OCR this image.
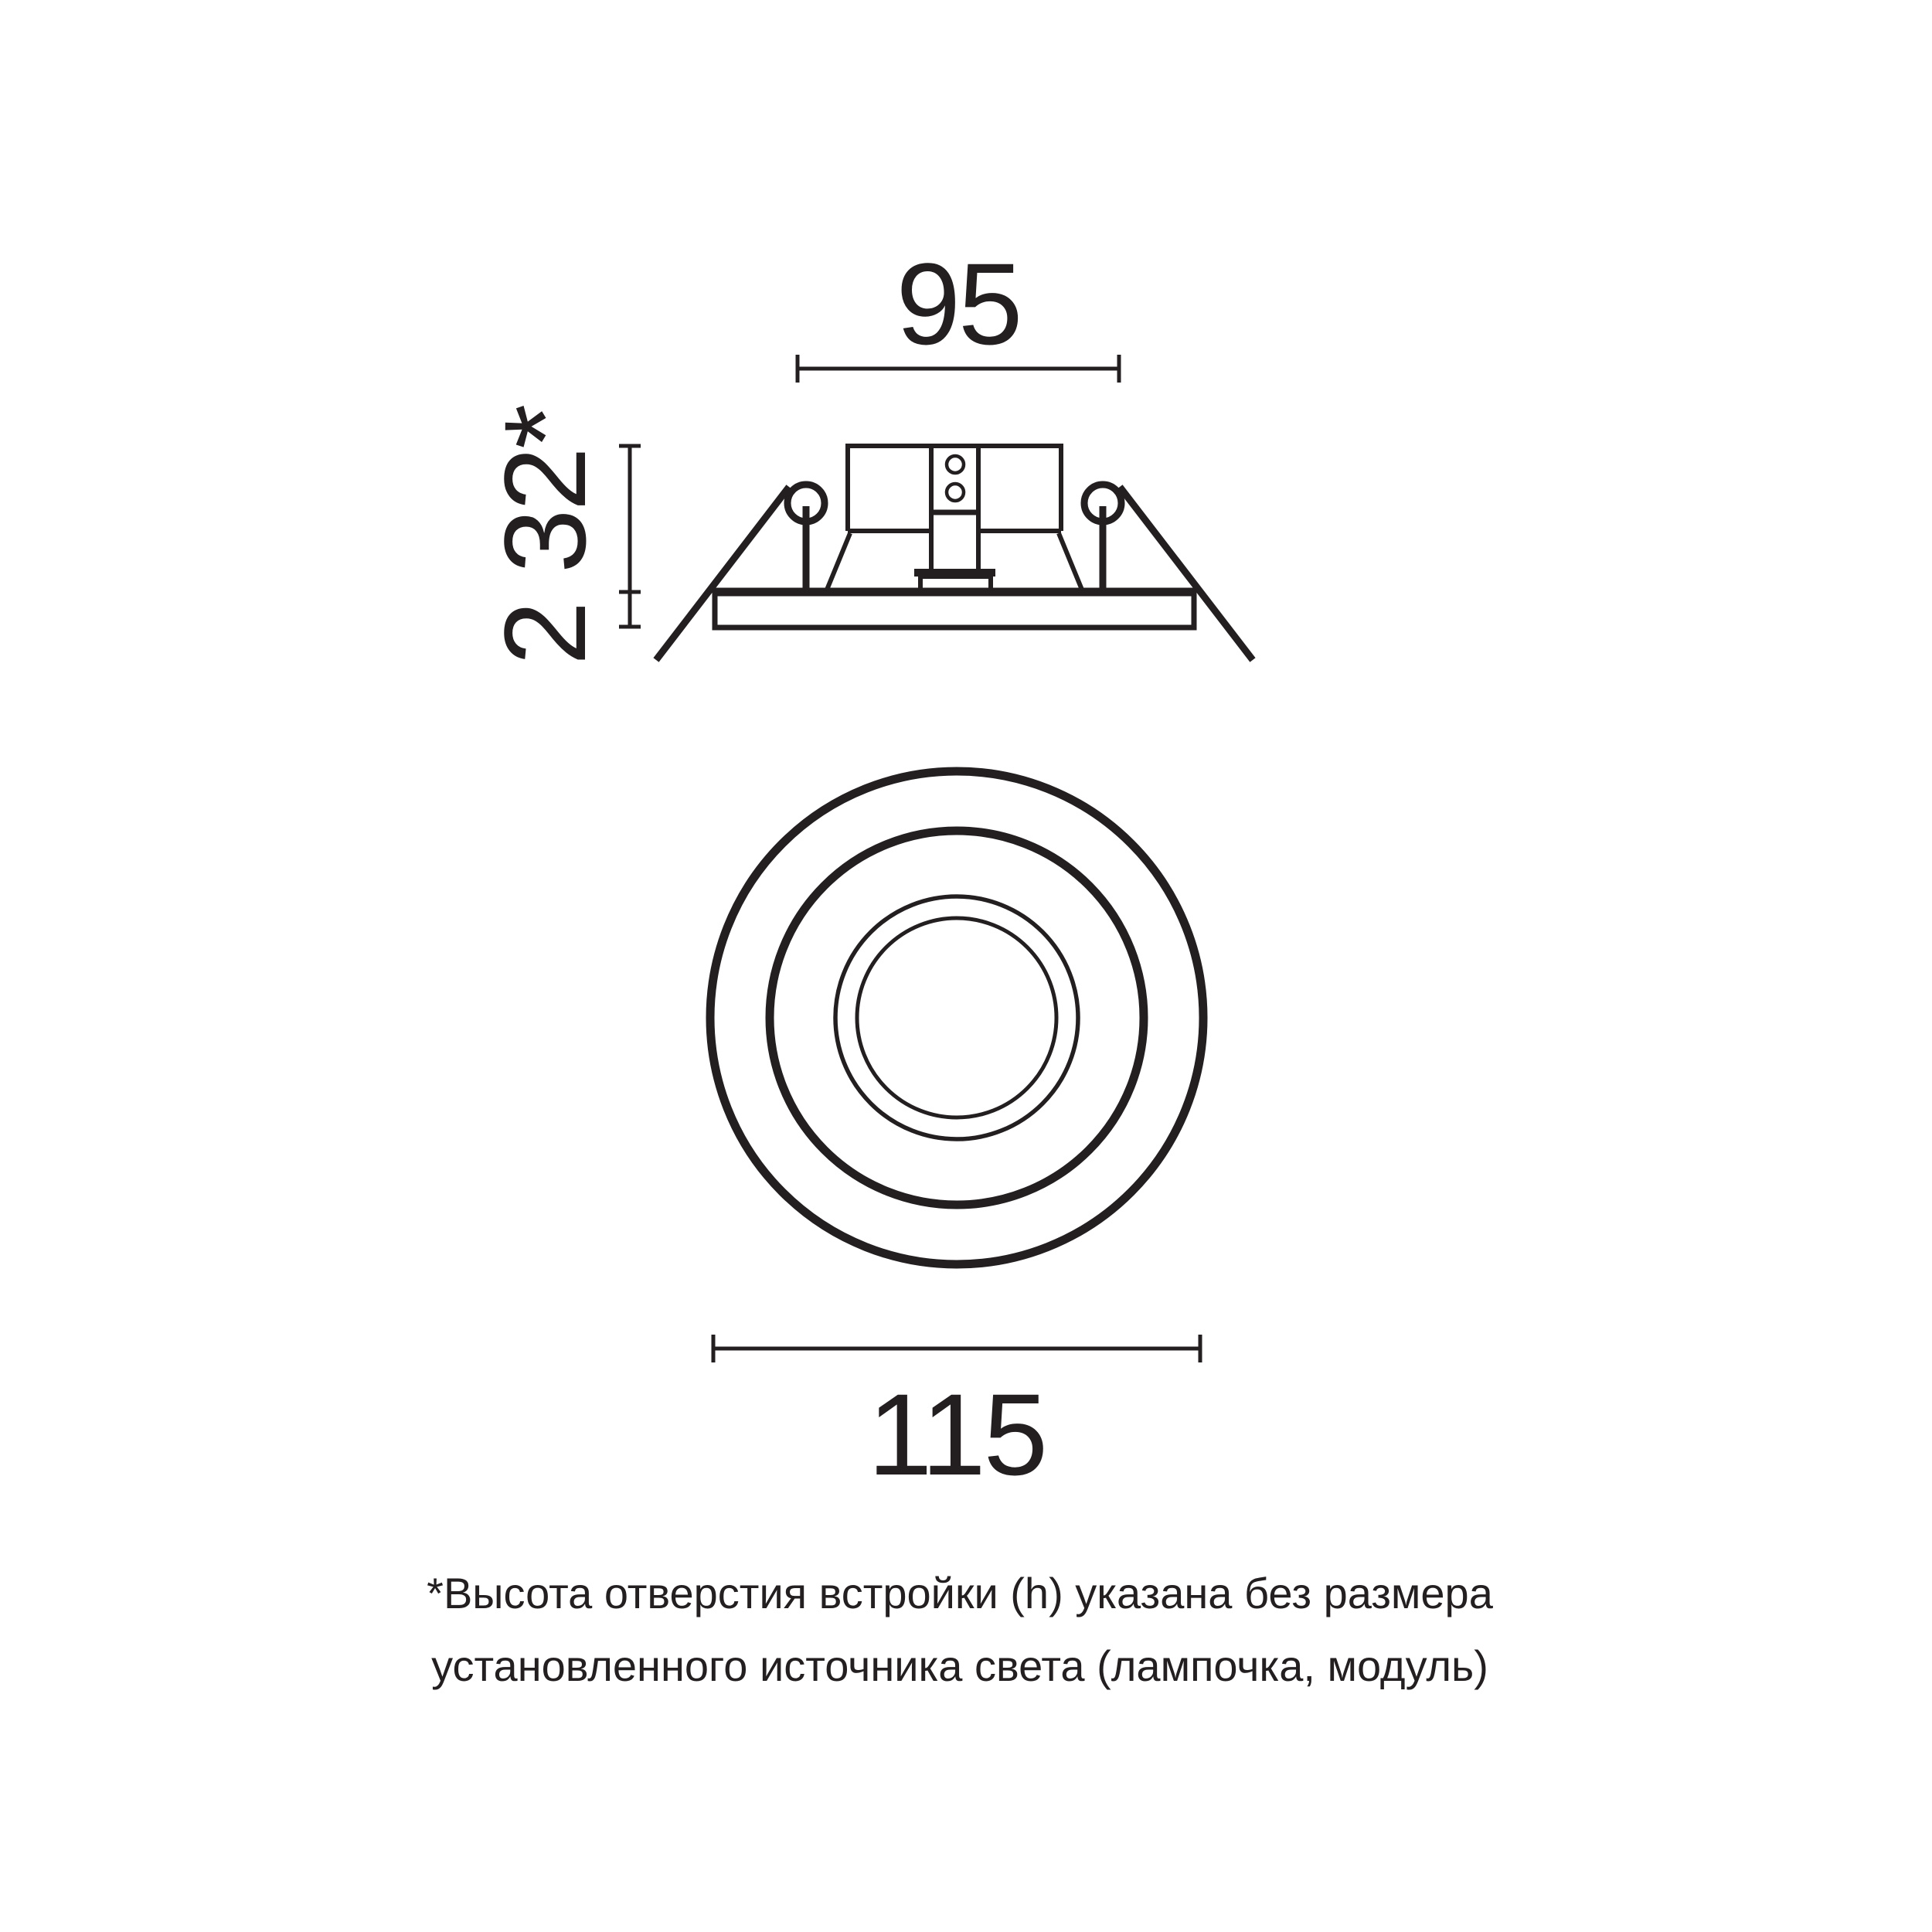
95
2 32*
115
*Высота отверстия встройки (h) указана без размера
установленного источника света (лампочка, модуль)
